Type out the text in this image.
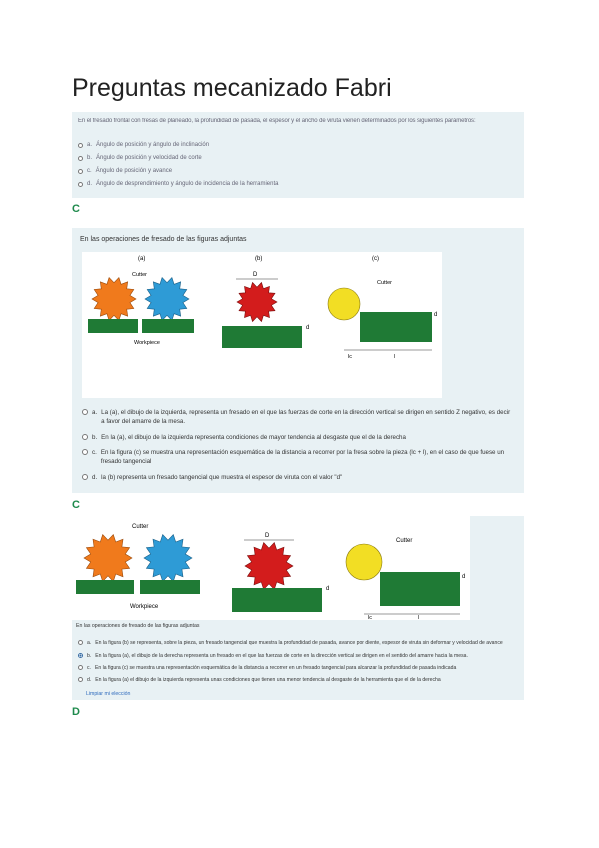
Preguntas mecanizado Fabri
En el fresado frontal con fresas de planeado, la profundidad de pasada, el espesor y el ancho de viruta vienen determinados por los siguientes parámetros:
a. Ángulo de posición y ángulo de inclinación
b. Ángulo de posición y velocidad de corte
c. Ángulo de posición y avance
d. Ángulo de desprendimiento y ángulo de incidencia de la herramienta
C
En las operaciones de fresado de las figuras adjuntas
(a)	(b)	(c)
Cutter
Workpiece
D
d
Cutter
d
lc	l
a. La (a), el dibujo de la izquierda, representa un fresado en el que las fuerzas de corte en la dirección vertical se dirigen en sentido Z negativo, es decir a favor del amarre de la mesa.
b. En la (a), el dibujo de la izquierda representa condiciones de mayor tendencia al desgaste que el de la derecha
c. En la figura (c) se muestra una representación esquemática de la distancia a recorrer por la fresa sobre la pieza (lc + l), en el caso de que fuese un fresado tangencial
d. la (b) representa un fresado tangencial que muestra el espesor de viruta con el valor "d"
C
Cutter
Workpiece
D
d
Cutter
d
lc	l
En las operaciones de fresado de las figuras adjuntas
a. En la figura (b) se representa, sobre la pieza, un fresado tangencial que muestra la profundidad de pasada, avance por diente, espesor de viruta sin deformar y velocidad de avance
b. En la figura (a), el dibujo de la derecha representa un fresado en el que las fuerzas de corte en la dirección vertical se dirigen en el sentido del amarre hacia la mesa.
c. En la figura (c) se muestra una representación esquemática de la distancia a recorrer en un fresado tangencial para alcanzar la profundidad de pasada indicada
d. En la figura (a) el dibujo de la izquierda representa unas condiciones que tienen una menor tendencia al desgaste de la herramienta que el de la derecha
Limpiar mi elección
D
